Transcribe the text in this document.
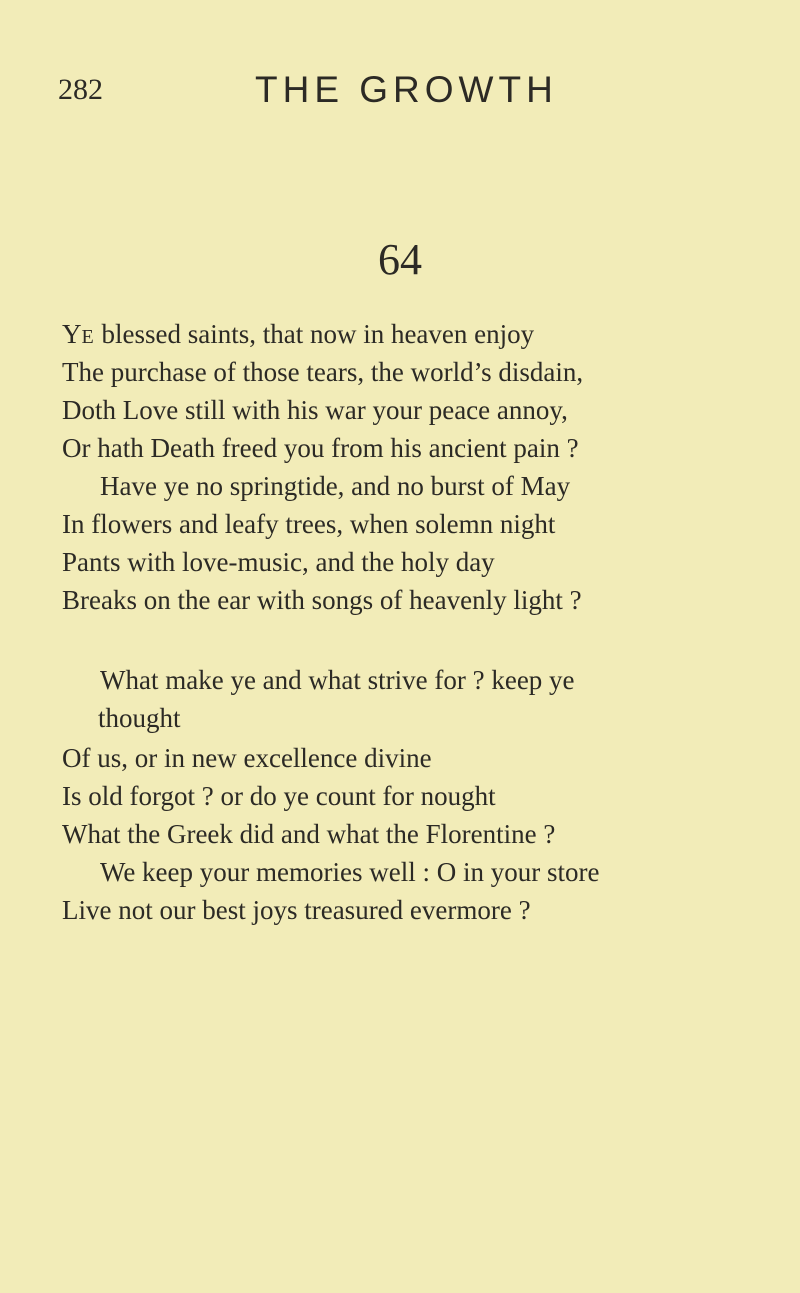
282	THE GROWTH
64
YE blessed saints, that now in heaven enjoy
The purchase of those tears, the world’s disdain,
Doth Love still with his war your peace annoy,
Or hath Death freed you from his ancient pain ?
Have ye no springtide, and no burst of May
In flowers and leafy trees, when solemn night
Pants with love-music, and the holy day
Breaks on the ear with songs of heavenly light ?
What make ye and what strive for ? keep ye
thought
Of us, or in new excellence divine
Is old forgot ? or do ye count for nought
What the Greek did and what the Florentine ?
We keep your memories well : O in your store
Live not our best joys treasured evermore ?
